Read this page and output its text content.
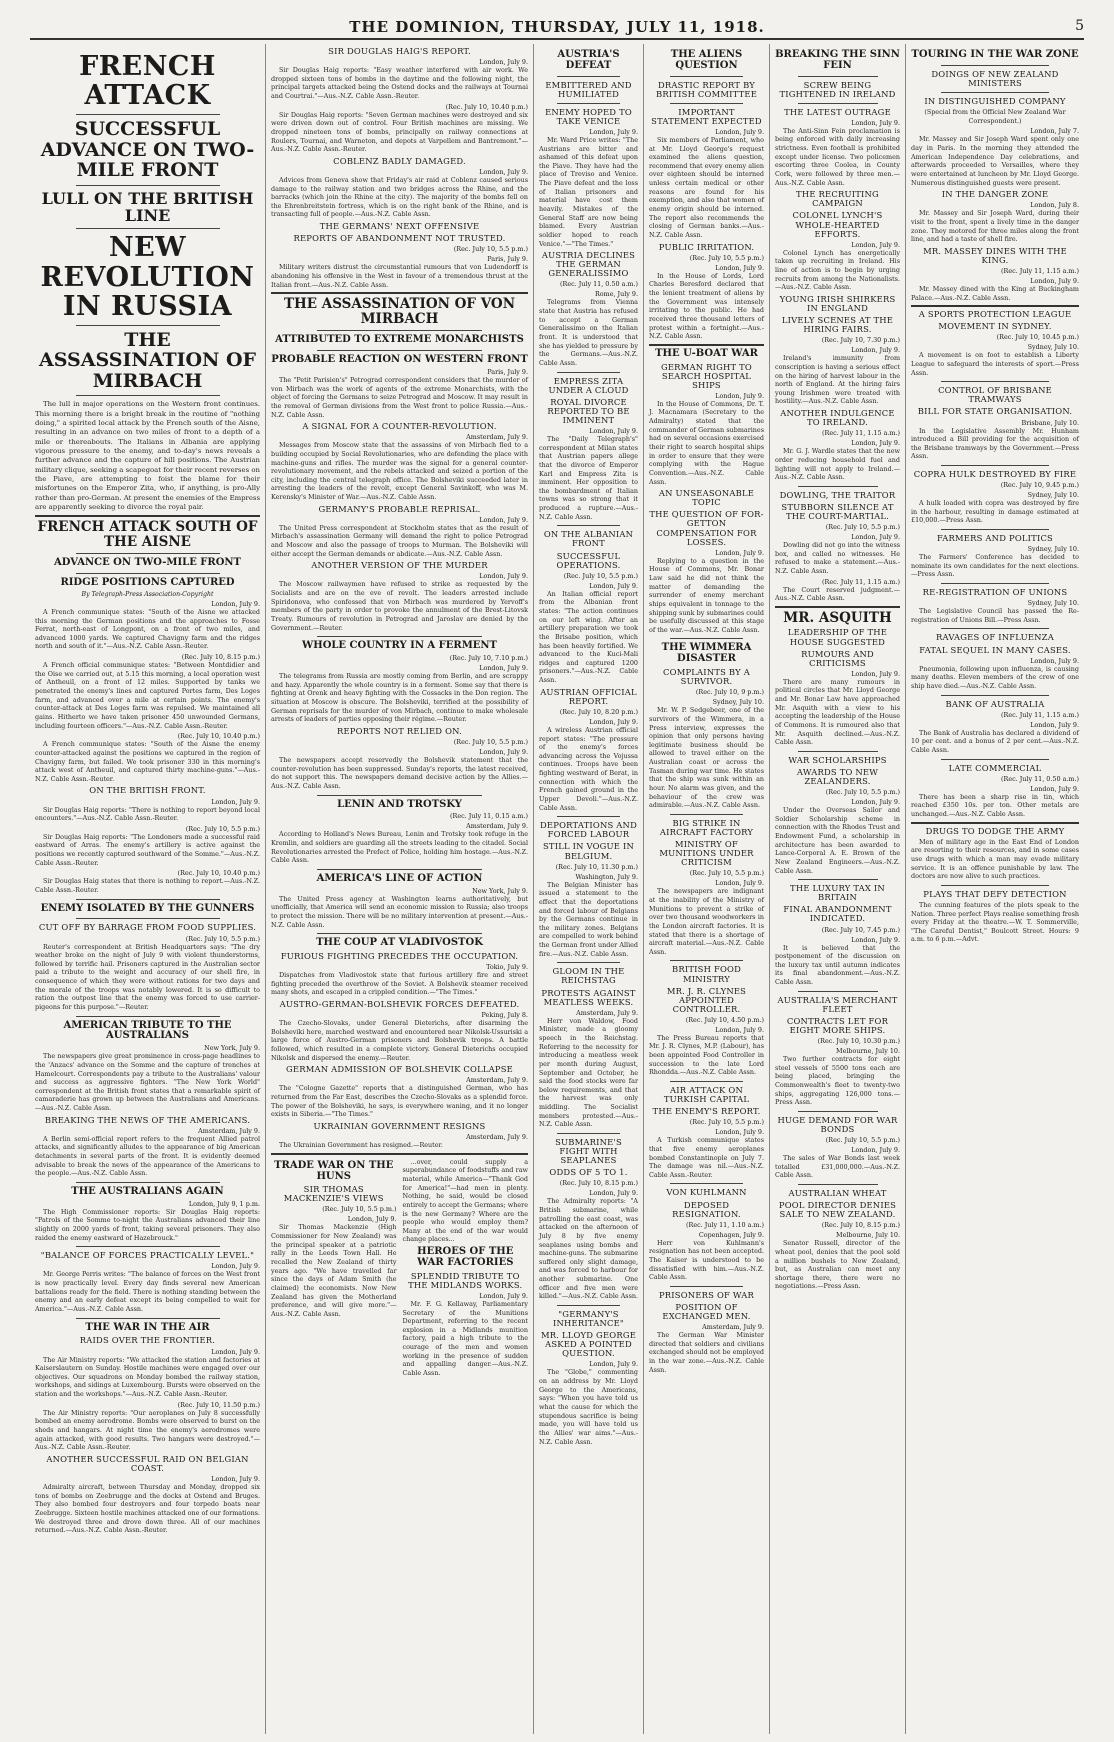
THE DOMINION, THURSDAY, JULY 11, 1918.	5
FRENCH ATTACK
SUCCESSFUL ADVANCE ON TWO-MILE FRONT
LULL ON THE BRITISH LINE
NEW REVOLUTION IN RUSSIA
THE ASSASSINATION OF MIRBACH

The lull in major operations on the Western front continues. This morning there is a bright break in the routine of "nothing doing," a spirited local attack by the French south of the Aisne, resulting in an advance on two miles of front to a depth of a mile or thereabouts. The Italians in Albania are applying vigorous pressure to the enemy, and to-day's news reveals a further advance and the capture of hill positions. The Austrian military clique, seeking a scapegoat for their recent reverses on the Piave, are attempting to foist the blame for their misfortunes on the Emperor Zita, who, if anything, is pro-Ally rather than pro-German. At present the enemies of the Empress are apparently seeking to divorce the royal pair.

FRENCH ATTACK SOUTH OF THE AISNE
ADVANCE ON TWO-MILE FRONT
RIDGE POSITIONS CAPTURED
By Telegraph-Press Association-Copyright
London, July 9.

A French communique states: "South of the Aisne we attacked this morning the German positions and the approaches to Fosse Ferrat, north-east of Longpont, on a front of two miles, and advanced 1000 yards. We captured Chavigny farm and the ridges north and south of it."—Aus.-N.Z. Cable Assn.-Reuter.

(Rec. July 10, 8.15 p.m.)

A French official communique states: "Between Montdidier and the Oise we carried out, at 5.15 this morning, a local operation west of Antheuil, on a front of 12 miles. Supported by tanks we penetrated the enemy's lines and captured Portes farm, Des Loges farm, and advanced over a mile at certain points. The enemy's counter-attack at Des Loges farm was repulsed. We maintained all gains. Hitherto we have taken prisoner 450 unwounded Germans, including fourteen officers."—Aus.-N.Z. Cable Assn.-Reuter.

(Rec. July 10, 10.40 p.m.)

A French communique states: "South of the Aisne the enemy counter-attacked against the positions we captured in the region of Chavigny farm, but failed. We took prisoner 330 in this morning's attack west of Antheuil, and captured thirty machine-guns."—Aus.-N.Z. Cable Assn.-Reuter.

ON THE BRITISH FRONT.
London, July 9.

Sir Douglas Haig reports: "There is nothing to report beyond local encounters."—Aus.-N.Z. Cable Assn.-Reuter.

(Rec. July 10, 5.5 p.m.)

Sir Douglas Haig reports: "The Londoners made a successful raid eastward of Arras. The enemy's artillery is active against the positions we recently captured southward of the Somme."—Aus.-N.Z. Cable Assn.-Reuter.

(Rec. July 10, 10.40 p.m.)

Sir Douglas Haig states that there is nothing to report.—Aus.-N.Z. Cable Assn.-Reuter.

ENEMY ISOLATED BY THE GUNNERS
CUT OFF BY BARRAGE FROM FOOD SUPPLIES.
(Rec. July 10, 5.5 p.m.)

Reuter's correspondent at British Headquarters says: "The dry weather broke on the night of July 9 with violent thunderstorms, followed by terrific hail. Prisoners captured in the Australian sector paid a tribute to the weight and accuracy of our shell fire, in consequence of which they were without rations for two days and the morale of the troops was notably lowered. It is so difficult to ration the outpost line that the enemy was forced to use carrier-pigeons for this purpose."—Reuter.

AMERICAN TRIBUTE TO THE AUSTRALIANS
New York, July 9.

The newspapers give great prominence in cross-page headlines to the 'Anzacs' advance on the Somme and the capture of trenches at Hamelcourt. Correspondents pay a tribute to the Australians' valour and success as aggressive fighters. "The New York World" correspondent at the British front states that a remarkable spirit of camaraderie has grown up between the Australians and Americans.—Aus.-N.Z. Cable Assn.

BREAKING THE NEWS OF THE AMERICANS.
Amsterdam, July 9.

A Berlin semi-official report refers to the frequent Allied patrol attacks, and significantly alludes to the appearance of big American detachments in several parts of the front. It is evidently deemed advisable to break the news of the appearance of the Americans to the people.—Aus.-N.Z. Cable Assn.

THE AUSTRALIANS AGAIN
London, July 9, 1 p.m.

The High Commissioner reports: Sir Douglas Haig reports: "Patrols of the Somme to-night the Australians advanced their line slightly on 2000 yards of front, taking several prisoners. They also raided the enemy eastward of Hazebrouck."

"BALANCE OF FORCES PRACTICALLY LEVEL."
London, July 9.

Mr. George Perris writes: "The balance of forces on the West front is now practically level. Every day finds several new American battalions ready for the field. There is nothing standing between the enemy and an early defeat except its being compelled to wait for America."—Aus.-N.Z. Cable Assn.

THE WAR IN THE AIR
RAIDS OVER THE FRONTIER.
London, July 9.

The Air Ministry reports: "We attacked the station and factories at Kaiserslautern on Sunday. Hostile machines were engaged over our objectives. Our squadrons on Monday bombed the railway station, workshops, and sidings at Luxembourg. Bursts were observed on the station and the workshops."—Aus.-N.Z. Cable Assn.-Reuter.

(Rec. July 10, 11.50 p.m.)

The Air Ministry reports: "Our aeroplanes on July 8 successfully bombed an enemy aerodrome. Bombs were observed to burst on the sheds and hangars. At night time the enemy's aerodromes were again attacked, with good results. Two hangars were destroyed."—Aus.-N.Z. Cable Assn.-Reuter.

ANOTHER SUCCESSFUL RAID ON BELGIAN COAST.
London, July 9.

Admiralty aircraft, between Thursday and Monday, dropped six tons of bombs on Zeebrugge and the docks at Ostend and Bruges. They also bombed four destroyers and four torpedo boats near Zeebrugge. Sixteen hostile machines attacked one of our formations. We destroyed three and drove down three. All of our machines returned.—Aus.-N.Z. Cable Assn.-Reuter.

SIR DOUGLAS HAIG'S REPORT.
London, July 9.

Sir Douglas Haig reports: "Easy weather interfered with air work. We dropped sixteen tons of bombs in the daytime and the following night, the principal targets attacked being the Ostend docks and the railways at Tournai and Courtrai."—Aus.-N.Z. Cable Assn.-Reuter.

(Rec. July 10, 10.40 p.m.)

Sir Douglas Haig reports: "Seven German machines were destroyed and six were driven down out of control. Four British machines are missing. We dropped nineteen tons of bombs, principally on railway connections at Roulers, Tournai, and Warneton, and depots at Varpellem and Bantremont."—Aus.-N.Z. Cable Assn.-Reuter.

COBLENZ BADLY DAMAGED.
London, July 9.

Advices from Geneva show that Friday's air raid at Coblenz caused serious damage to the railway station and two bridges across the Rhine, and the barracks (which join the Rhine at the city). The majority of the bombs fell on the Ehrenbreitstein fortress, which is on the right bank of the Rhine, and is transacting full of people.—Aus.-N.Z. Cable Assn.

THE GERMANS' NEXT OFFENSIVE
REPORTS OF ABANDONMENT NOT TRUSTED.
(Rec. July 10, 5.5 p.m.)
Paris, July 9.

Military writers distrust the circumstantial rumours that von Ludendorff is abandoning his offensive in the West in favour of a tremendous thrust at the Italian front.—Aus.-N.Z. Cable Assn.

THE ASSASSINATION OF VON MIRBACH
ATTRIBUTED TO EXTREME MONARCHISTS
PROBABLE REACTION ON WESTERN FRONT
Paris, July 9.

The "Petit Parisien's" Petrograd correspondent considers that the murder of von Mirbach was the work of agents of the extreme Monarchists, with the object of forcing the Germans to seize Petrograd and Moscow. It may result in the removal of German divisions from the West front to police Russia.—Aus.-N.Z. Cable Assn.

A SIGNAL FOR A COUNTER-REVOLUTION.
Amsterdam, July 9.

Messages from Moscow state that the assassins of von Mirbach fled to a building occupied by Social Revolutionaries, who are defending the place with machine-guns and rifles. The murder was the signal for a general counter-revolutionary movement, and the rebels attacked and seized a portion of the city, including the central telegraph office. The Bolsheviki succeeded later in arresting the leaders of the revolt, except General Savinkoff, who was M. Kerensky's Minister of War.—Aus.-N.Z. Cable Assn.

GERMANY'S PROBABLE REPRISAL.
London, July 9.

The United Press correspondent at Stockholm states that as the result of Mirbach's assassination Germany will demand the right to police Petrograd and Moscow and also the passage of troops to Murman. The Bolsheviki will either accept the German demands or abdicate.—Aus.-N.Z. Cable Assn.

ANOTHER VERSION OF THE MURDER
London, July 9.

The Moscow railwaymen have refused to strike as requested by the Socialists and are on the eve of revolt. The leaders arrested include Spiridonova, who confessed that von Mirbach was murdered by Yervoff's members of the party in order to provoke the annulment of the Brest-Litovsk Treaty. Rumours of revolution in Petrograd and Jaroslav are denied by the Government.—Reuter.

WHOLE COUNTRY IN A FERMENT
(Rec. July 10, 7.10 p.m.)
London, July 9.

The telegrams from Russia are mostly coming from Berlin, and are scrappy and hazy. Apparently the whole country is in a ferment. Some say that there is fighting at Orenk and heavy fighting with the Cossacks in the Don region. The situation at Moscow is obscure. The Bolsheviki, terrified at the possibility of German reprisals for the murder of von Mirbach, continue to make wholesale arrests of leaders of parties opposing their régime.—Reuter.

REPORTS NOT RELIED ON.
(Rec. July 10, 5.5 p.m.)
London, July 9.

The newspapers accept reservedly the Bolshevik statement that the counter-revolution has been suppressed. Sunday's reports, the latest received, do not support this. The newspapers demand decisive action by the Allies.—Aus.-N.Z. Cable Assn.

LENIN AND TROTSKY
(Rec. July 11, 0.15 a.m.)
Amsterdam, July 9.

According to Holland's News Bureau, Lenin and Trotsky took refuge in the Kremlin, and soldiers are guarding all the streets leading to the citadel. Social Revolutionaries arrested the Prefect of Police, holding him hostage.—Aus.-N.Z. Cable Assn.

AMERICA'S LINE OF ACTION
New York, July 9.

The United Press agency at Washington learns authoritatively, but unofficially, that America will send an economic mission to Russia; also troops to protect the mission. There will be no military intervention at present.—Aus.-N.Z. Cable Assn.

THE COUP AT VLADIVOSTOK
FURIOUS FIGHTING PRECEDES THE OCCUPATION.
Tokio, July 9.

Dispatches from Vladivostok state that furious artillery fire and street fighting preceded the overthrow of the Soviet. A Bolshevik steamer received many shots, and escaped in a crippled condition.—"The Times."

AUSTRO-GERMAN-BOLSHEVIK FORCES DEFEATED.
Peking, July 8.

The Czecho-Slovaks, under General Dieterichs, after disarming the Bolsheviki here, marched westward and encountered near Nikolsk-Ussuriski a large force of Austro-German prisoners and Bolshevik troops. A battle followed, which resulted in a complete victory. General Dieterichs occupied Nikolsk and dispersed the enemy.—Reuter.

GERMAN ADMISSION OF BOLSHEVIK COLLAPSE
Amsterdam, July 9.

The "Cologne Gazette" reports that a distinguished German, who has returned from the Far East, describes the Czecho-Slovaks as a splendid force. The power of the Bolsheviki, he says, is everywhere waning, and it no longer exists in Siberia.—"The Times."

UKRAINIAN GOVERNMENT RESIGNS
Amsterdam, July 9.

The Ukrainian Government has resigned.—Reuter.

TRADE WAR ON THE HUNS
SIR THOMAS MACKENZIE'S VIEWS
(Rec. July 10, 5.5 p.m.)
London, July 9.

Sir Thomas Mackenzie (High Commissioner for New Zealand) was the principal speaker at a patriotic rally in the Leeds Town Hall. He recalled the New Zealand of thirty years ago. "We have travelled far since the days of Adam Smith (he claimed) the economists. Now New Zealand has given the Motherland preference, and will give more."—Aus.-N.Z. Cable Assn.

...over, could supply a superabundance of foodstuffs and raw material, while America—"Thank God for America!"—had men in plenty. Nothing, he said, would be closed entirely to accept the Germans; where is the new Germany? Where are the people who would employ them? Many at the end of the war would change places...

HEROES OF THE WAR FACTORIES
SPLENDID TRIBUTE TO THE MIDLANDS WORKS.
London, July 9.

Mr. F. G. Kellaway, Parliamentary Secretary of the Munitions Department, referring to the recent explosion in a Midlands munition factory, paid a high tribute to the courage of the men and women working in the presence of sudden and appalling danger.—Aus.-N.Z. Cable Assn.

AUSTRIA'S DEFEAT
EMBITTERED AND HUMILIATED
ENEMY HOPED TO TAKE VENICE
London, July 9.

Mr. Ward Price writes: "The Austrians are bitter and ashamed of this defeat upon the Piave. They have had the place of Treviso and Venice. The Piave defeat and the loss of Italian prisoners and material have cost them heavily. Mistakes of the General Staff are now being blamed. Every Austrian soldier hoped to reach Venice."—"The Times."

AUSTRIA DECLINES THE GERMAN GENERALISSIMO
(Rec. July 11, 0.50 a.m.)
Rome, July 9.

Telegrams from Vienna state that Austria has refused to accept a German Generalissimo on the Italian front. It is understood that she has yielded to pressure by the Germans.—Aus.-N.Z. Cable Assn.

EMPRESS ZITA UNDER A CLOUD
ROYAL DIVORCE REPORTED TO BE IMMINENT
London, July 9.

The "Daily Telegraph's" correspondent at Milan states that Austrian papers allege that the divorce of Emperor Karl and Empress Zita is imminent. Her opposition to the bombardment of Italian towns was so strong that it produced a rupture.—Aus.-N.Z. Cable Assn.

ON THE ALBANIAN FRONT
SUCCESSFUL OPERATIONS.
(Rec. July 10, 5.5 p.m.)
London, July 9.

An Italian official report from the Albanian front states: "The action continues on our left wing. After an artillery preparation we took the Brisabe position, which has been heavily fortified. We advanced to the Kuci-Mali ridges and captured 1200 prisoners."—Aus.-N.Z. Cable Assn.

AUSTRIAN OFFICIAL REPORT.
(Rec. July 10, 8.20 p.m.)
London, July 9.

A wireless Austrian official report states: "The pressure of the enemy's forces advancing across the Vojussa continues. Troops have been fighting westward of Berat, in connection with which the French gained ground in the Upper Devoli."—Aus.-N.Z. Cable Assn.

DEPORTATIONS AND FORCED LABOUR
STILL IN VOGUE IN BELGIUM.
(Rec. July 10, 11.30 p.m.)
Washington, July 9.

The Belgian Minister has issued a statement to the effect that the deportations and forced labour of Belgians by the Germans continue in the military zones. Belgians are compelled to work behind the German front under Allied fire.—Aus.-N.Z. Cable Assn.

GLOOM IN THE REICHSTAG
PROTESTS AGAINST MEATLESS WEEKS.
Amsterdam, July 9.

Herr von Waldow, Food Minister, made a gloomy speech in the Reichstag. Referring to the necessity for introducing a meatless week per month during August, September and October, he said the food stocks were far below requirements, and that the harvest was only middling. The Socialist members protested.—Aus.-N.Z. Cable Assn.

SUBMARINE'S FIGHT WITH SEAPLANES
ODDS OF 5 TO 1.
(Rec. July 10, 8.15 p.m.)
London, July 9.

The Admiralty reports: "A British submarine, while patrolling the east coast, was attacked on the afternoon of July 8 by five enemy seaplanes using bombs and machine-guns. The submarine suffered only slight damage, and was forced to harbour for another submarine. One officer and five men were killed."—Aus.-N.Z. Cable Assn.

"GERMANY'S INHERITANCE"
MR. LLOYD GEORGE ASKED A POINTED QUESTION.
London, July 9.

The "Globe," commenting on an address by Mr. Lloyd George to the Americans, says: "When you have told us what the cause for which the stupendous sacrifice is being made, you will have told us the Allies' war aims."—Aus.-N.Z. Cable Assn.

THE ALIENS QUESTION
DRASTIC REPORT BY BRITISH COMMITTEE
IMPORTANT STATEMENT EXPECTED
London, July 9.

Six members of Parliament, who at Mr. Lloyd George's request examined the aliens question, recommend that every enemy alien over eighteen should be interned unless certain medical or other reasons are found for his exemption, and also that women of enemy origin should be interned. The report also recommends the closing of German banks.—Aus.-N.Z. Cable Assn.

PUBLIC IRRITATION.
(Rec. July 10, 5.5 p.m.)
London, July 9.

In the House of Lords, Lord Charles Beresford declared that the lenient treatment of aliens by the Government was intensely irritating to the public. He had received three thousand letters of protest within a fortnight.—Aus.-N.Z. Cable Assn.

THE U-BOAT WAR
GERMAN RIGHT TO SEARCH HOSPITAL SHIPS
London, July 9.

In the House of Commons, Dr. T. J. Macnamara (Secretary to the Admiralty) stated that the commander of German submarines had on several occasions exercised their right to search hospital ships in order to ensure that they were complying with the Hague Convention.—Aus.-N.Z. Cable Assn.

AN UNSEASONABLE TOPIC
THE QUESTION OF FOR-GETTON COMPENSATION FOR LOSSES.
London, July 9.

Replying to a question in the House of Commons, Mr. Bonar Law said he did not think the matter of demanding the surrender of enemy merchant ships equivalent in tonnage to the shipping sunk by submarines could be usefully discussed at this stage of the war.—Aus.-N.Z. Cable Assn.

THE WIMMERA DISASTER
COMPLAINTS BY A SURVIVOR.
(Rec. July 10, 9 p.m.)
Sydney, July 10.

Mr. W. P. Sedgebeer, one of the survivors of the Wimmera, in a Press interview, expresses the opinion that only persons having legitimate business should be allowed to travel either on the Australian coast or across the Tasman during war time. He states that the ship was sunk within an hour. No alarm was given, and the behaviour of the crew was admirable.—Aus.-N.Z. Cable Assn.

BIG STRIKE IN AIRCRAFT FACTORY
MINISTRY OF MUNITIONS UNDER CRITICISM
(Rec. July 10, 5.5 p.m.)
London, July 9.

The newspapers are indignant at the inability of the Ministry of Munitions to prevent a strike of over two thousand woodworkers in the London aircraft factories. It is stated that there is a shortage of aircraft material.—Aus.-N.Z. Cable Assn.

BRITISH FOOD MINISTRY
MR. J. R. CLYNES APPOINTED CONTROLLER.
(Rec. July 10, 4.50 p.m.)
London, July 9.

The Press Bureau reports that Mr. J. R. Clynes, M.P. (Labour), has been appointed Food Controller in succession to the late Lord Rhondda.—Aus.-N.Z. Cable Assn.

AIR ATTACK ON TURKISH CAPITAL
THE ENEMY'S REPORT.
(Rec. July 10, 5.5 p.m.)
London, July 9.

A Turkish communique states that five enemy aeroplanes bombed Constantinople on July 7. The damage was nil.—Aus.-N.Z. Cable Assn.-Reuter.

VON KUHLMANN
DEPOSED RESIGNATION.
(Rec. July 11, 1.10 a.m.)
Copenhagen, July 9.

Herr von Kuhlmann's resignation has not been accepted. The Kaiser is understood to be dissatisfied with him.—Aus.-N.Z. Cable Assn.

PRISONERS OF WAR
POSITION OF EXCHANGED MEN.
Amsterdam, July 9.

The German War Minister directed that soldiers and civilians exchanged should not be employed in the war zone.—Aus.-N.Z. Cable Assn.

BREAKING THE SINN FEIN
SCREW BEING TIGHTENED IN IRELAND
THE LATEST OUTRAGE
London, July 9.

The Anti-Sinn Fein proclamation is being enforced with daily increasing strictness. Even football is prohibited except under license. Two policemen escorting three Coolea, in County Cork, were followed by three men.—Aus.-N.Z. Cable Assn.

THE RECRUITING CAMPAIGN
COLONEL LYNCH'S WHOLE-HEARTED EFFORTS.
London, July 9.

Colonel Lynch has energetically taken up recruiting in Ireland. His line of action is to begin by urging recruits from among the Nationalists.—Aus.-N.Z. Cable Assn.

YOUNG IRISH SHIRKERS IN ENGLAND
LIVELY SCENES AT THE HIRING FAIRS.
(Rec. July 10, 7.30 p.m.)
London, July 9.

Ireland's immunity from conscription is having a serious effect on the hiring of harvest labour in the north of England. At the hiring fairs young Irishmen were treated with hostility.—Aus.-N.Z. Cable Assn.

ANOTHER INDULGENCE TO IRELAND.
(Rec. July 11, 1.15 a.m.)
London, July 9.

Mr. G. J. Wardle states that the new order reducing household fuel and lighting will not apply to Ireland.—Aus.-N.Z. Cable Assn.

DOWLING, THE TRAITOR
STUBBORN SILENCE AT THE COURT-MARTIAL.
(Rec. July 10, 5.5 p.m.)
London, July 9.

Dowling did not go into the witness box, and called no witnesses. He refused to make a statement.—Aus.-N.Z. Cable Assn.

(Rec. July 11, 1.15 a.m.)

The Court reserved judgment.—Aus.-N.Z. Cable Assn.

MR. ASQUITH
LEADERSHIP OF THE HOUSE SUGGESTED
RUMOURS AND CRITICISMS
London, July 9.

There are many rumours in political circles that Mr. Lloyd George and Mr. Bonar Law have approached Mr. Asquith with a view to his accepting the leadership of the House of Commons. It is rumoured also that Mr. Asquith declined.—Aus.-N.Z. Cable Assn.

WAR SCHOLARSHIPS
AWARDS TO NEW ZEALANDERS.
(Rec. July 10, 5.5 p.m.)
London, July 9.

Under the Overseas Sailor and Soldier Scholarship scheme in connection with the Rhodes Trust and Endowment Fund, a scholarship in architecture has been awarded to Lance-Corporal A. E. Brown of the New Zealand Engineers.—Aus.-N.Z. Cable Assn.

THE LUXURY TAX IN BRITAIN
FINAL ABANDONMENT INDICATED.
(Rec. July 10, 7.45 p.m.)
London, July 9.

It is believed that the postponement of the discussion on the luxury tax until autumn indicates its final abandonment.—Aus.-N.Z. Cable Assn.

AUSTRALIA'S MERCHANT FLEET
CONTRACTS LET FOR EIGHT MORE SHIPS.
(Rec. July 10, 10.30 p.m.)
Melbourne, July 10.

Two further contracts for eight steel vessels of 5500 tons each are being placed, bringing the Commonwealth's fleet to twenty-two ships, aggregating 126,000 tons.—Press Assn.

HUGE DEMAND FOR WAR BONDS
(Rec. July 10, 5.5 p.m.)
London, July 9.

The sales of War Bonds last week totalled £31,000,000.—Aus.-N.Z. Cable Assn.

AUSTRALIAN WHEAT
POOL DIRECTOR DENIES SALE TO NEW ZEALAND.
(Rec. July 10, 8.15 p.m.)
Melbourne, July 10.

Senator Russell, director of the wheat pool, denies that the pool sold a million bushels to New Zealand, but, as Australian can meet any shortage there, there were no negotiations.—Press Assn.

TOURING IN THE WAR ZONE
DOINGS OF NEW ZEALAND MINISTERS
IN DISTINGUISHED COMPANY

(Special from the Official New Zealand War Correspondent.)

London, July 7.

Mr. Massey and Sir Joseph Ward spent only one day in Paris. In the morning they attended the American Independence Day celebrations, and afterwards proceeded to Versailles, where they were entertained at luncheon by Mr. Lloyd George. Numerous distinguished guests were present.

IN THE DANGER ZONE
London, July 8.

Mr. Massey and Sir Joseph Ward, during their visit to the front, spent a lively time in the danger zone. They motored for three miles along the front line, and had a taste of shell fire.

MR. MASSEY DINES WITH THE KING.
(Rec. July 11, 1.15 a.m.)
London, July 9.

Mr. Massey dined with the King at Buckingham Palace.—Aus.-N.Z. Cable Assn.

A SPORTS PROTECTION LEAGUE
MOVEMENT IN SYDNEY.
(Rec. July 10, 10.45 p.m.)
Sydney, July 10.

A movement is on foot to establish a Liberty League to safeguard the interests of sport.—Press Assn.

CONTROL OF BRISBANE TRAMWAYS
BILL FOR STATE ORGANISATION.
Brisbane, July 10.

In the Legislative Assembly Mr. Hunham introduced a Bill providing for the acquisition of the Brisbane tramways by the Government.—Press Assn.

COPRA HULK DESTROYED BY FIRE
(Rec. July 10, 9.45 p.m.)
Sydney, July 10.

A hulk loaded with copra was destroyed by fire in the harbour, resulting in damage estimated at £10,000.—Press Assn.

FARMERS AND POLITICS
Sydney, July 10.

The Farmers' Conference has decided to nominate its own candidates for the next elections.—Press Assn.

RE-REGISTRATION OF UNIONS
Sydney, July 10.

The Legislative Council has passed the Re-registration of Unions Bill.—Press Assn.

RAVAGES OF INFLUENZA
FATAL SEQUEL IN MANY CASES.
London, July 9.

Pneumonia, following upon influenza, is causing many deaths. Eleven members of the crew of one ship have died.—Aus.-N.Z. Cable Assn.

BANK OF AUSTRALIA
(Rec. July 11, 1.15 a.m.)
London, July 9.

The Bank of Australia has declared a dividend of 10 per cent. and a bonus of 2 per cent.—Aus.-N.Z. Cable Assn.

LATE COMMERCIAL
(Rec. July 11, 0.50 a.m.)
London, July 9.

There has been a sharp rise in tin, which reached £350 10s. per ton. Other metals are unchanged.—Aus.-N.Z. Cable Assn.

DRUGS TO DODGE THE ARMY

Men of military age in the East End of London are resorting to their resources, and in some cases use drugs with which a man may evade military service. It is an offence punishable by law. The doctors are now alive to such practices.

PLAYS THAT DEFY DETECTION

The cunning features of the plots speak to the Nation. Three perfect Plays realise something fresh every Friday at the theatre.—W. T. Sommerville, "The Careful Dentist," Boulcott Street. Hours: 9 a.m. to 6 p.m.—Advt.
